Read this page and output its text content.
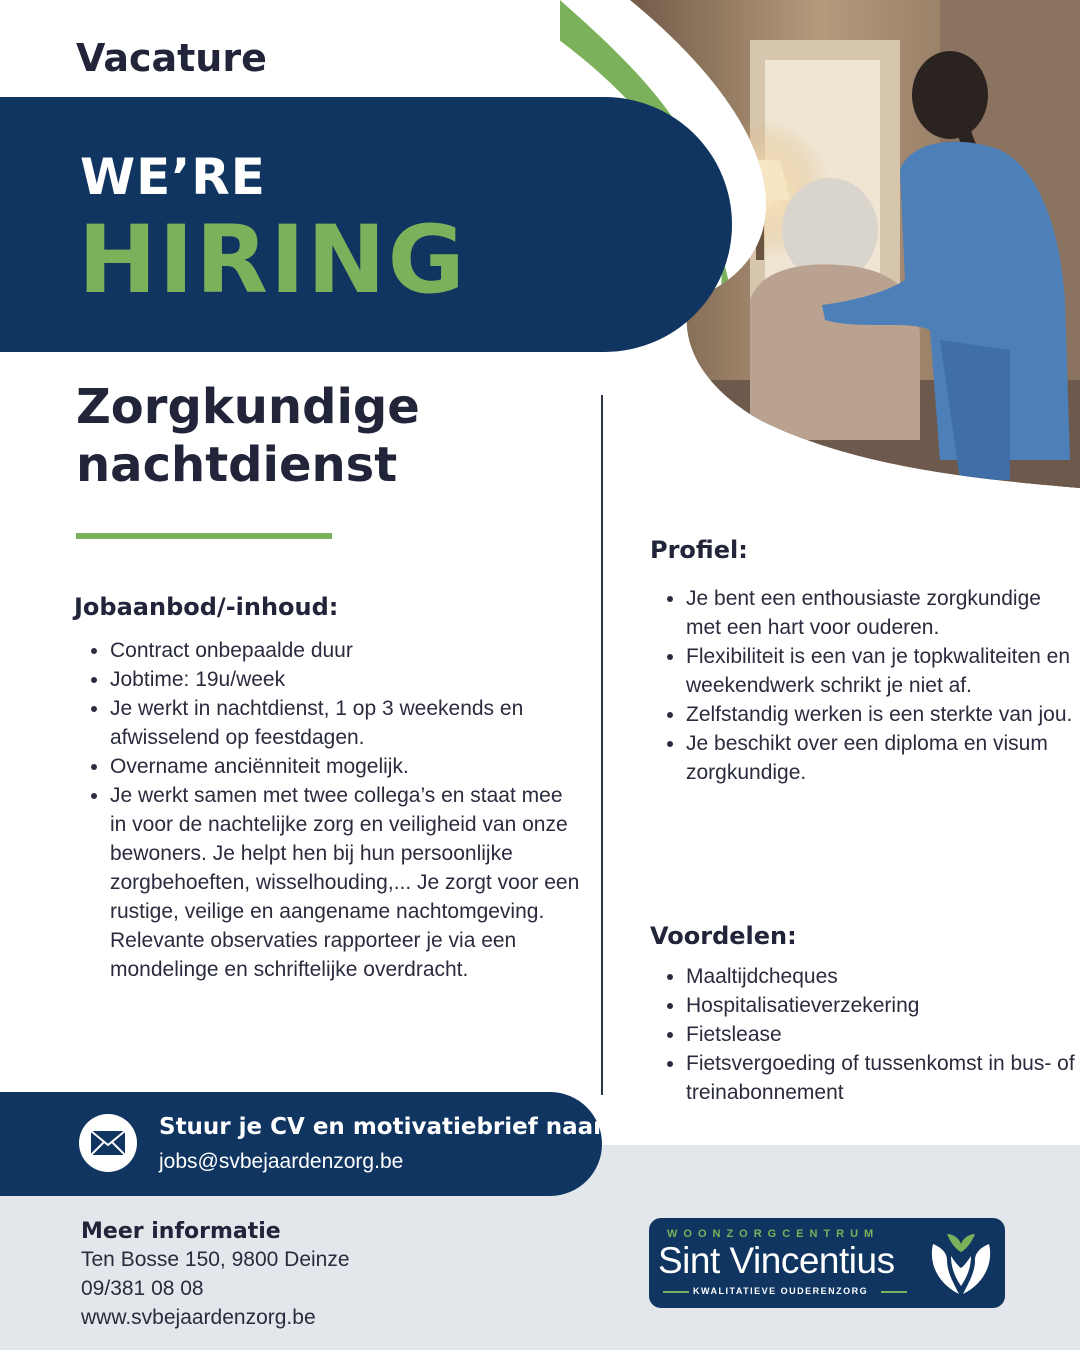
Vacature
WE’RE
HIRING
Zorgkundige
nachtdienst
Jobaanbod/-inhoud:
• Contract onbepaalde duur
• Jobtime: 19u/week
• Je werkt in nachtdienst, 1 op 3 weekends en afwisselend op feestdagen.
• Overname anciënniteit mogelijk.
• Je werkt samen met twee collega’s en staat mee in voor de nachtelijke zorg en veiligheid van onze bewoners. Je helpt hen bij hun persoonlijke zorgbehoeften, wisselhouding,... Je zorgt voor een rustige, veilige en aangename nachtomgeving. Relevante observaties rapporteer je via een mondelinge en schriftelijke overdracht.
Profiel:
• Je bent een enthousiaste zorgkundige met een hart voor ouderen.
• Flexibiliteit is een van je topkwaliteiten en weekendwerk schrikt je niet af.
• Zelfstandig werken is een sterkte van jou.
• Je beschikt over een diploma en visum zorgkundige.
Voordelen:
• Maaltijdcheques
• Hospitalisatieverzekering
• Fietslease
• Fietsvergoeding of tussenkomst in bus- of treinabonnement
Stuur je CV en motivatiebrief naar
jobs@svbejaardenzorg.be
Meer informatie
Ten Bosse 150, 9800 Deinze
09/381 08 08
www.svbejaardenzorg.be
WOONZORGCENTRUM
Sint Vincentius
KWALITATIEVE OUDERENZORG
